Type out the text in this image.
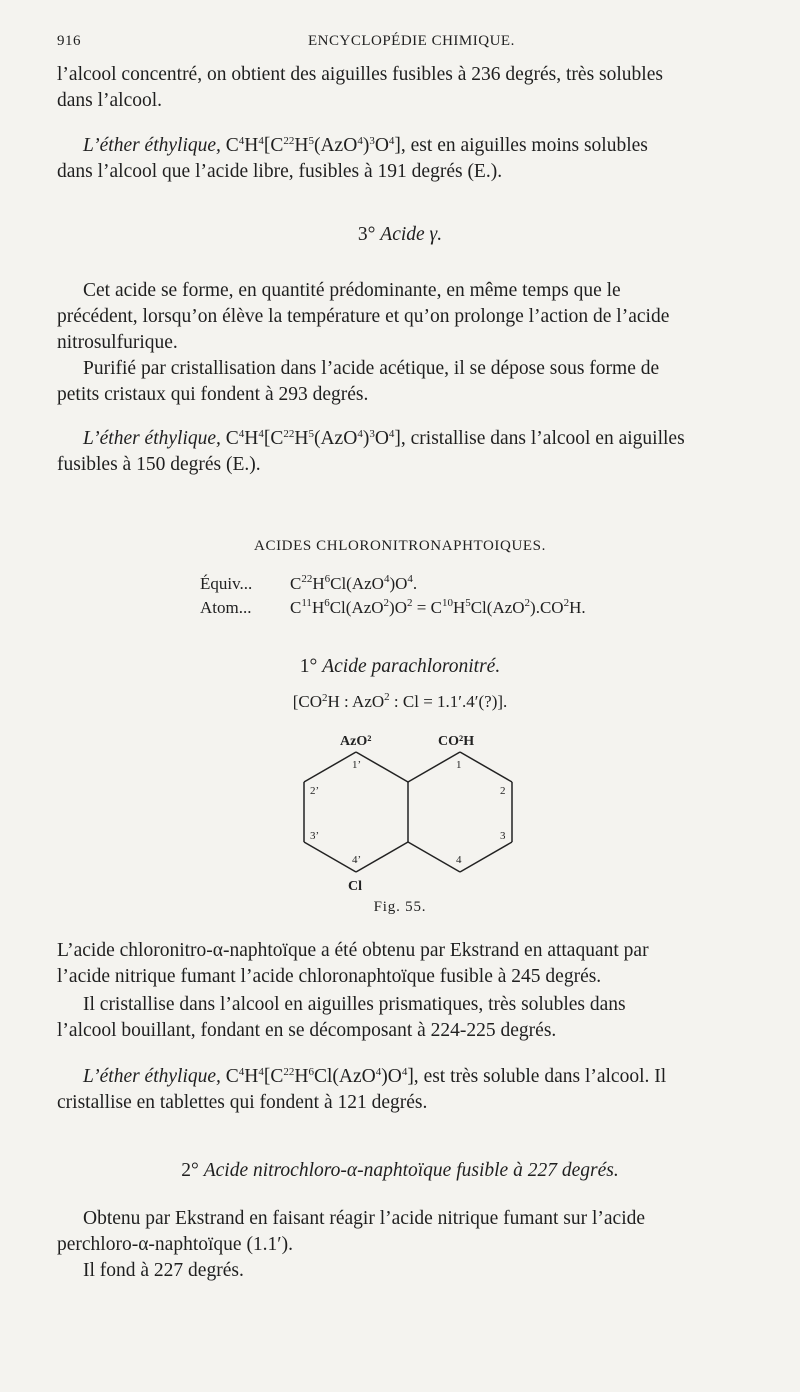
916	ENCYCLOPÉDIE CHIMIQUE.
l’alcool concentré, on obtient des aiguilles fusibles à 236 degrés, très solubles
dans l’alcool.
L’éther éthylique, $C^4H^4[C^{22}H^5(AzO^4)^3O^4]$, est en aiguilles moins solubles
dans l’alcool que l’acide libre, fusibles à 191 degrés (E.).
3° Acide γ.
Cet acide se forme, en quantité prédominante, en même temps que le
précédent, lorsqu’on élève la température et qu’on prolonge l’action de l’acide
nitrosulfurique.
Purifié par cristallisation dans l’acide acétique, il se dépose sous forme de
petits cristaux qui fondent à 293 degrés.
L’éther éthylique, $C^4H^4[C^{22}H^5(AzO^4)^3O^4]$, cristallise dans l’alcool en aiguilles
fusibles à 150 degrés (E.).
ACIDES CHLORONITRONAPHTOIQUES.
Équiv... $C^{22}H^6Cl(AzO^4)O^4$.
Atom... $C^{11}H^6Cl(AzO^2)O^2 = C^{10}H^5Cl(AzO^2).CO^2H$.
1° Acide parachloronitré.
[$CO_2H$ : AzO$^2$ : Cl = 1.1′.4′(?)].
AzO²	CO²H
Cl
1’
2’
3’
4’
1
2
3
4
Fig. 55.
L’acide chloronitro-α-naphtoïque a été obtenu par Ekstrand en attaquant par
l’acide nitrique fumant l’acide chloronaphtoïque fusible à 245 degrés.
Il cristallise dans l’alcool en aiguilles prismatiques, très solubles dans
l’alcool bouillant, fondant en se décomposant à 224-225 degrés.
L’éther éthylique, $C^4H^4[C^{22}H^6Cl(AzO^4)O^4]$, est très soluble dans l’alcool. Il
cristallise en tablettes qui fondent à 121 degrés.
2° Acide nitrochloro-α-naphtoïque fusible à 227 degrés.
Obtenu par Ekstrand en faisant réagir l’acide nitrique fumant sur l’acide
perchloro-α-naphtoïque (1.1′).
Il fond à 227 degrés.
